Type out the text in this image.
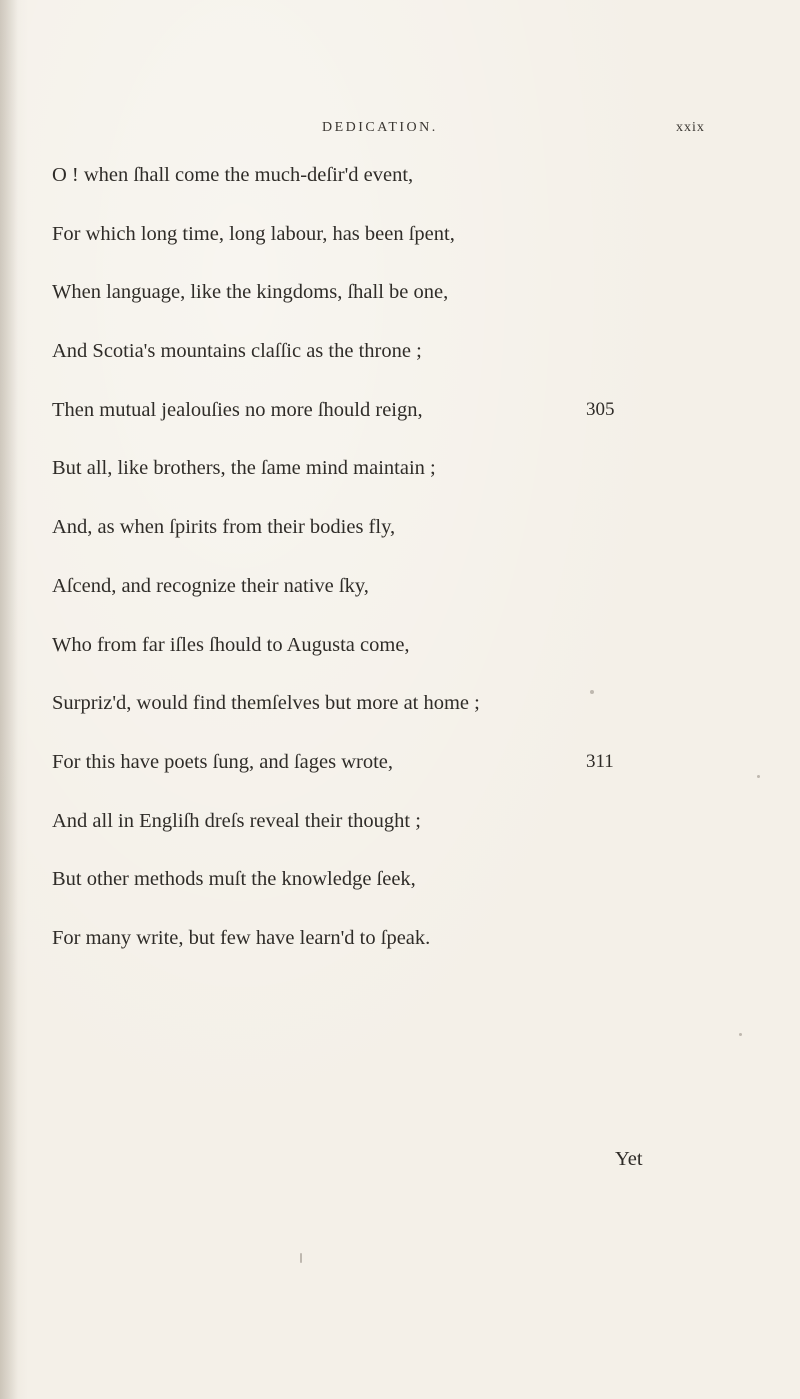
DEDICATION.	xxix
O ! when ſhall come the much-deſir'd event,
For which long time, long labour, has been ſpent,
When language, like the kingdoms, ſhall be one,
And Scotia's mountains claſſic as the throne ;
Then mutual jealouſies no more ſhould reign,	305
But all, like brothers, the ſame mind maintain ;
And, as when ſpirits from their bodies fly,
Aſcend, and recognize their native ſky,
Who from far iſles ſhould to Augusta come,
Surpriz'd, would find themſelves but more at home ;
For this have poets ſung, and ſages wrote,	311
And all in Engliſh dreſs reveal their thought ;
But other methods muſt the knowledge ſeek,
For many write, but few have learn'd to ſpeak.
Yet
